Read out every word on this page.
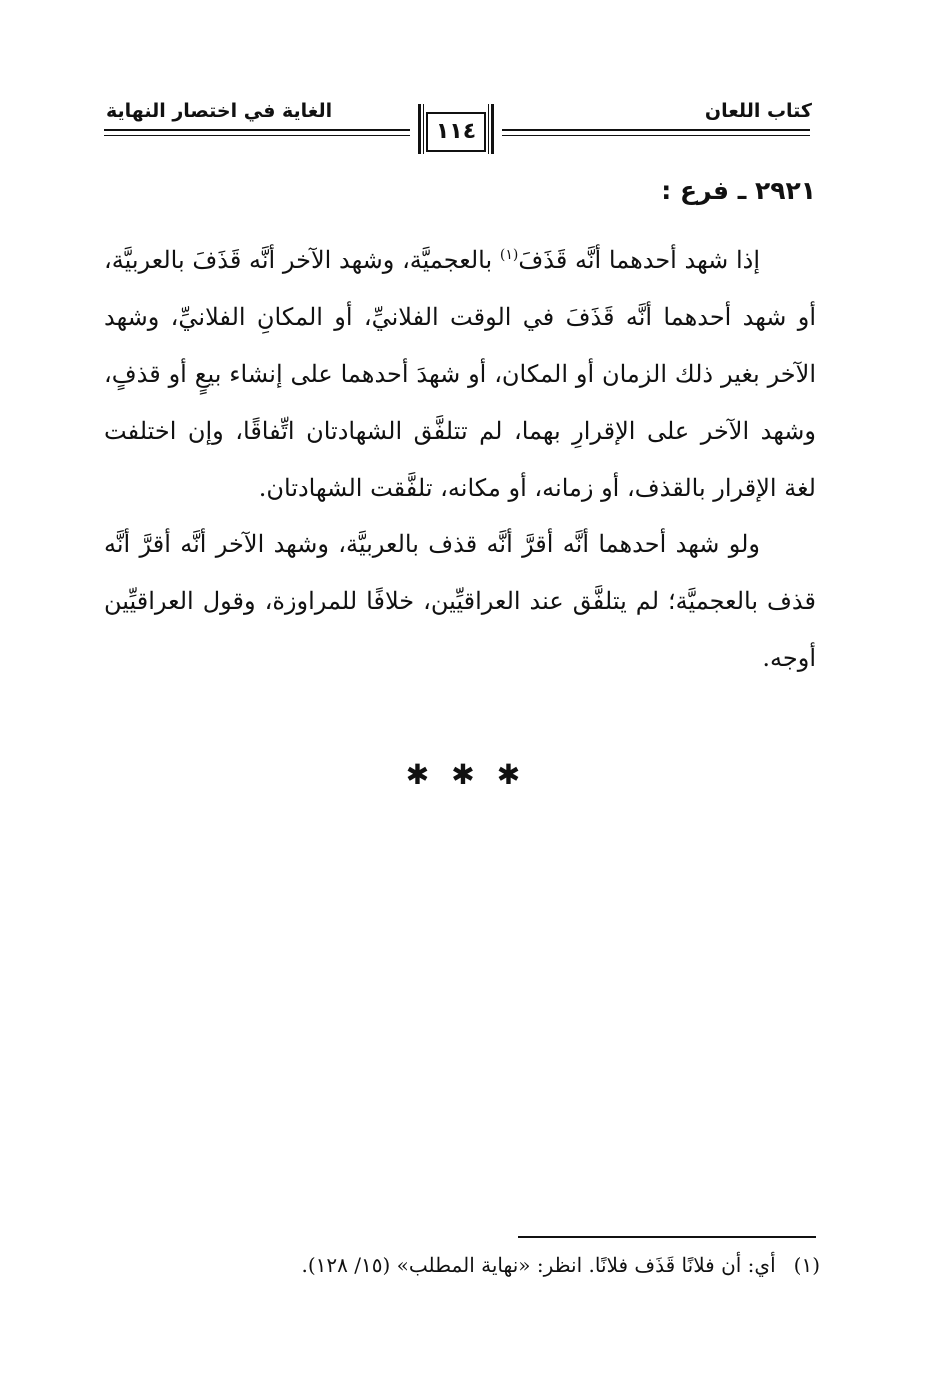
كتاب اللعان
الغاية في اختصار النهاية
١١٤
٢٩٢١ ـ فرع :

إذا شهد أحدهما أنَّه قَذَفَ$^{(١)}$ بالعجميَّة، وشهد الآخر أنَّه قَذَفَ بالعربيَّة، أو شهد أحدهما أنَّه قَذَفَ في الوقت الفلانيِّ، أو المكانِ الفلانيِّ، وشهد الآخر بغير ذلك الزمان أو المكان، أو شهدَ أحدهما على إنشاء بيعٍ أو قذفٍ، وشهد الآخر على الإقرارِ بهما، لم تتلفَّق الشهادتان اتِّفاقًا، وإن اختلفت لغة الإقرار بالقذف، أو زمانه، أو مكانه، تلفَّقت الشهادتان.

ولو شهد أحدهما أنَّه أقرَّ أنَّه قذف بالعربيَّة، وشهد الآخر أنَّه أقرَّ أنَّه قذف بالعجميَّة؛ لم يتلفَّق عند العراقيِّين، خلافًا للمراوزة، وقول العراقيِّين أوجه.

✱ ✱ ✱
(١)أي: أن فلانًا قَذَف فلانًا. انظر: «نهاية المطلب» (١٥/ ١٢٨).
